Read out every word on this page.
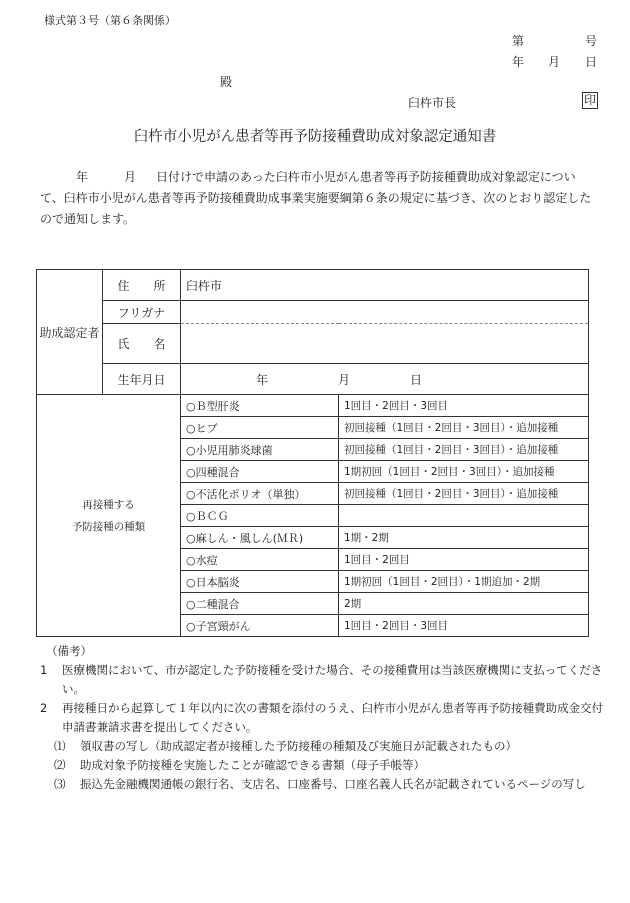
様式第３号（第６条関係）
第	号
年 月 日
殿
臼杵市長	印
臼杵市小児がん患者等再予防接種費助成対象認定通知書
年	月 日付けで申請のあった臼杵市小児がん患者等再予防接種費助成対象認定について、臼杵市小児がん患者等再予防接種費助成事業実施要綱第６条の規定に基づき、次のとおり認定したので通知します。
助成認定者	住　　所	臼杵市	
	フリガナ		
	氏　　名		
	生年月日	年 月 日	

再接種する
予防接種の種類		○Ｂ型肝炎	1回目・2回目・3回目
		○ヒブ	初回接種（1回目・2回目・3回目）・追加接種
		○小児用肺炎球菌	初回接種（1回目・2回目・3回目）・追加接種
		○四種混合	1期初回（1回目・2回目・3回目）・追加接種
		○不活化ポリオ（単独）	初回接種（1回目・2回目・3回目）・追加接種
		○ＢＣＧ	
		○麻しん・風しん(ＭＲ)	1期・2期
		○水痘	1回目・2回目
		○日本脳炎	1期初回（1回目・2回目）・1期追加・2期
		○二種混合	2期
		○子宮頸がん	1回目・2回目・3回目
（備考）
1	医療機関において、市が認定した予防接種を受けた場合、その接種費用は当該医療機関に支払ってください。
2	再接種日から起算して１年以内に次の書類を添付のうえ、臼杵市小児がん患者等再予防接種費助成金交付申請書兼請求書を提出してください。
⑴	領収書の写し（助成認定者が接種した予防接種の種類及び実施日が記載されたもの）
⑵	助成対象予防接種を実施したことが確認できる書類（母子手帳等）
⑶	振込先金融機関通帳の銀行名、支店名、口座番号、口座名義人氏名が記載されているページの写し
